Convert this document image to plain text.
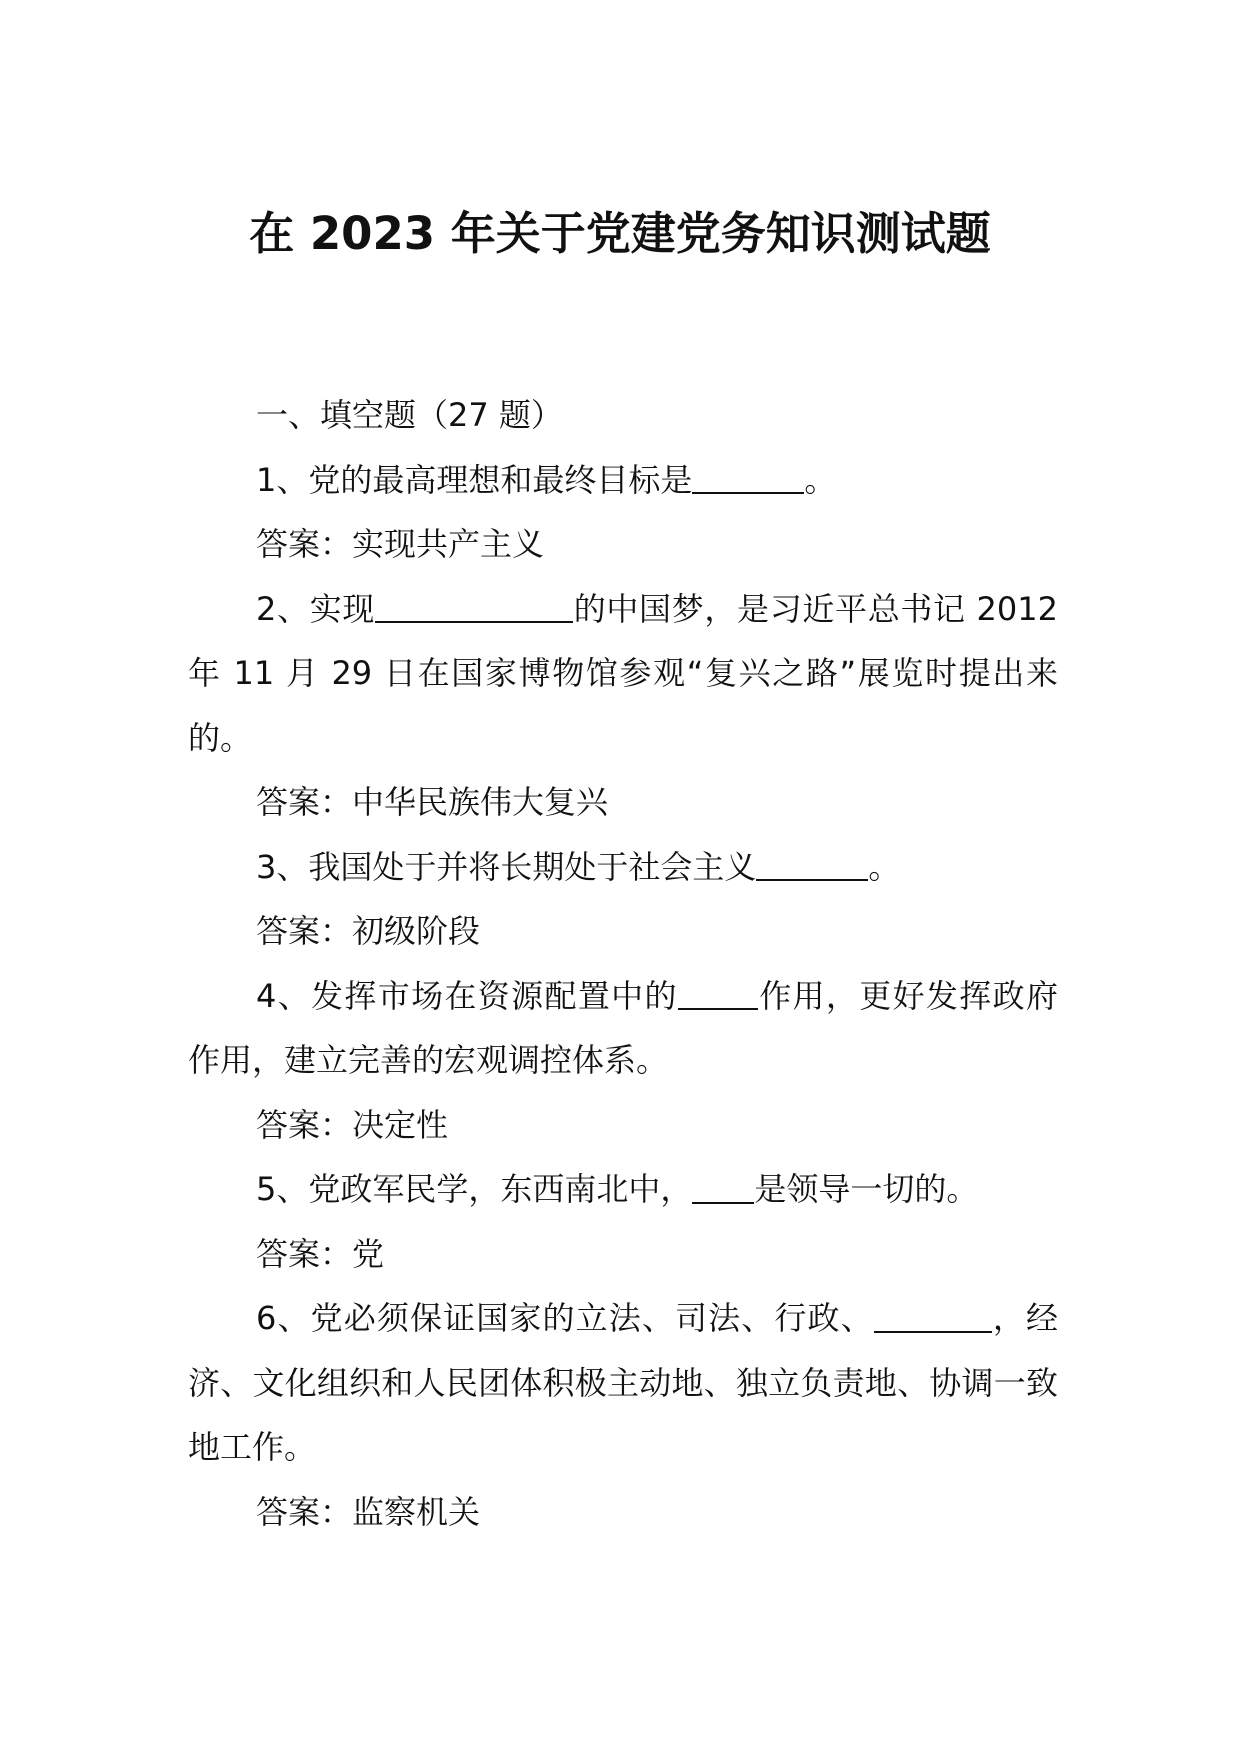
在 2023 年关于党建党务知识测试题

一、填空题（27 题）

1、党的最高理想和最终目标是	。

答案：实现共产主义

2、实现	的中国梦，是习近平总书记 2012 年 11 月 29 日在国家博物馆参观“复兴之路”展览时提出来的。

答案：中华民族伟大复兴

3、我国处于并将长期处于社会主义	。

答案：初级阶段

4、发挥市场在资源配置中的	作用，更好发挥政府作用，建立完善的宏观调控体系。

答案：决定性

5、党政军民学，东西南北中， 是领导一切的。

答案：党

6、党必须保证国家的立法、司法、行政、	，经济、文化组织和人民团体积极主动地、独立负责地、协调一致地工作。

答案：监察机关
